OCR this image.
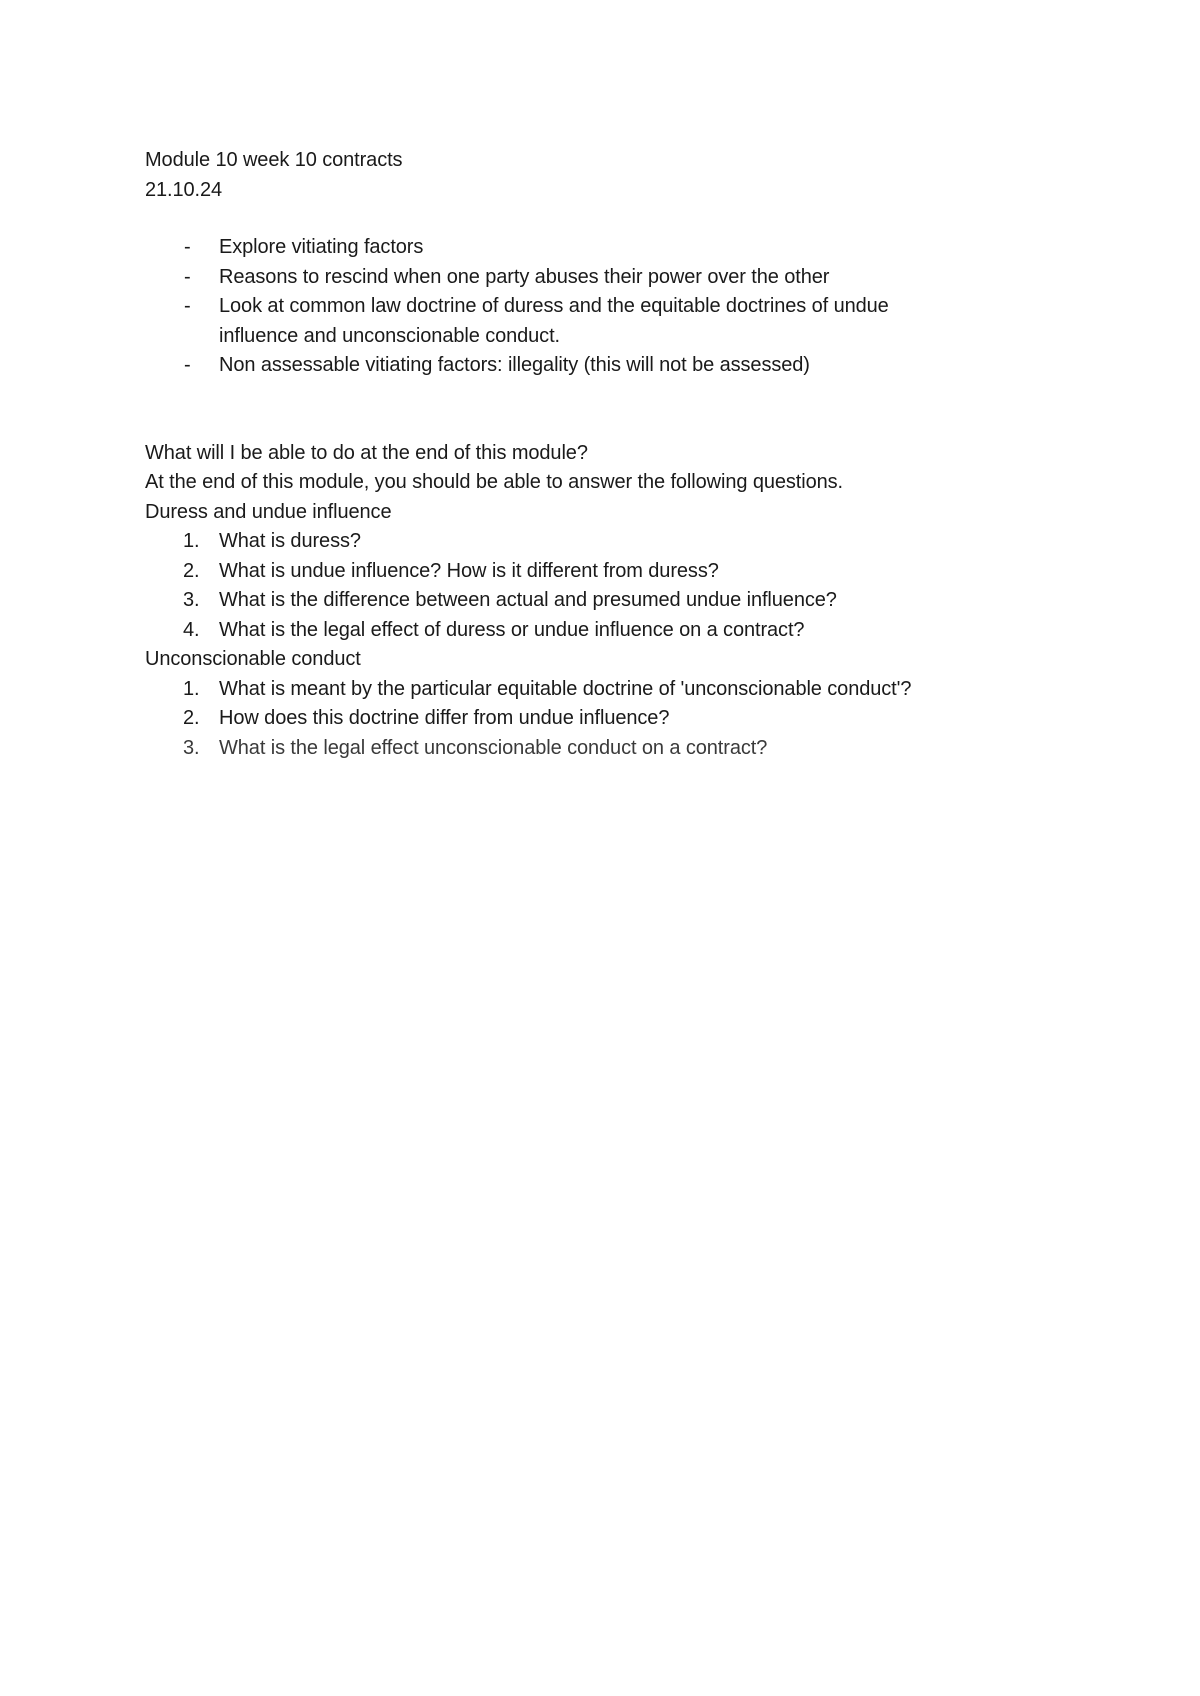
Module 10 week 10 contracts

21.10.24

- Explore vitiating factors
- Reasons to rescind when one party abuses their power over the other
- Look at common law doctrine of duress and the equitable doctrines of undue
influence and unconscionable conduct.
- Non assessable vitiating factors: illegality (this will not be assessed)

What will I be able to do at the end of this module?

At the end of this module, you should be able to answer the following questions.

Duress and undue influence

1. What is duress?
2. What is undue influence? How is it different from duress?
3. What is the difference between actual and presumed undue influence?
4. What is the legal effect of duress or undue influence on a contract?

Unconscionable conduct

1. What is meant by the particular equitable doctrine of 'unconscionable conduct'?
2. How does this doctrine differ from undue influence?
3. What is the legal effect unconscionable conduct on a contract?
